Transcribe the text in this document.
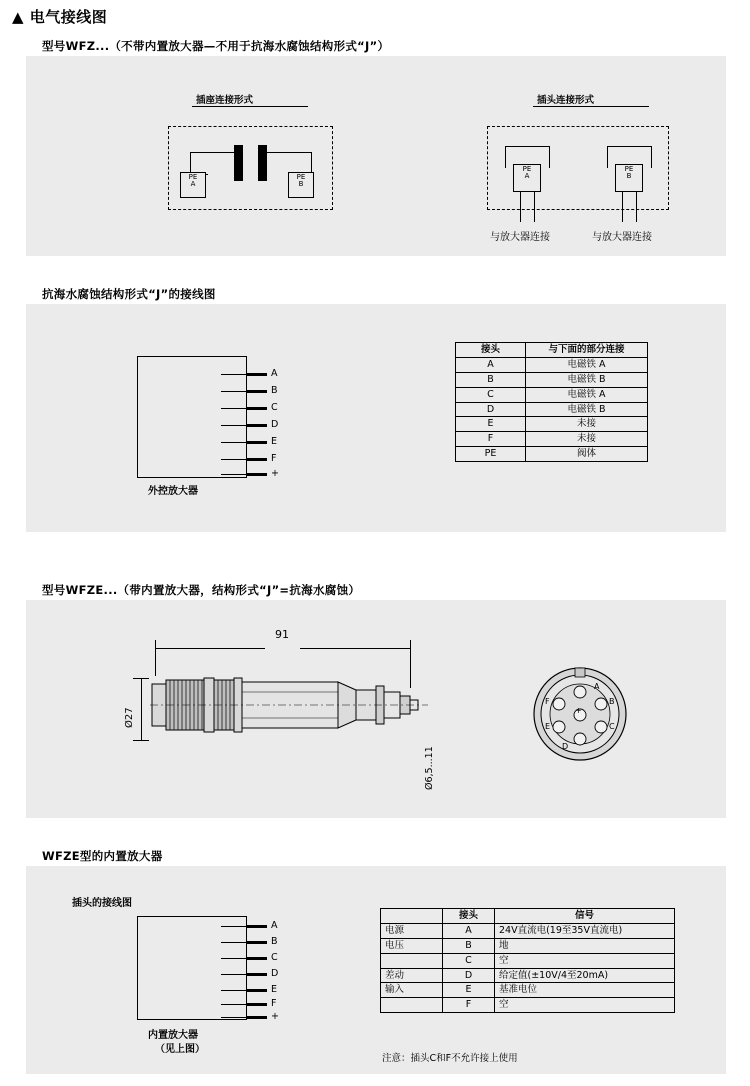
▲ 电气接线图
型号WFZ...（不带内置放大器—不用于抗海水腐蚀结构形式“J”）
插座连接形式	插头连接形式
PE
A
PE
B
PE
A
PE
B
与放大器连接	与放大器连接
抗海水腐蚀结构形式“J”的接线图
外控放大器
A
B
C
D
E
F
+
接头	与下面的部分连接
A	电磁铁 A
B	电磁铁 B
C	电磁铁 A
D	电磁铁 B
E	未接
F	未接
PE	阀体
型号WFZE...（带内置放大器，结构形式“J”=抗海水腐蚀）
91
Ø27
Ø6,5...11
A
B
C
D
E
F
+
WFZE型的内置放大器
插头的接线图
内置放大器
（见上图）
A
B
C
D
E
F
+
	接头	信号
电源	A	24V直流电(19至35V直流电)
电压	B	地
	C	空
差动	D	给定值(±10V/4至20mA)
输入	E	基准电位
	F	空
注意：插头C和F不允许接上使用
